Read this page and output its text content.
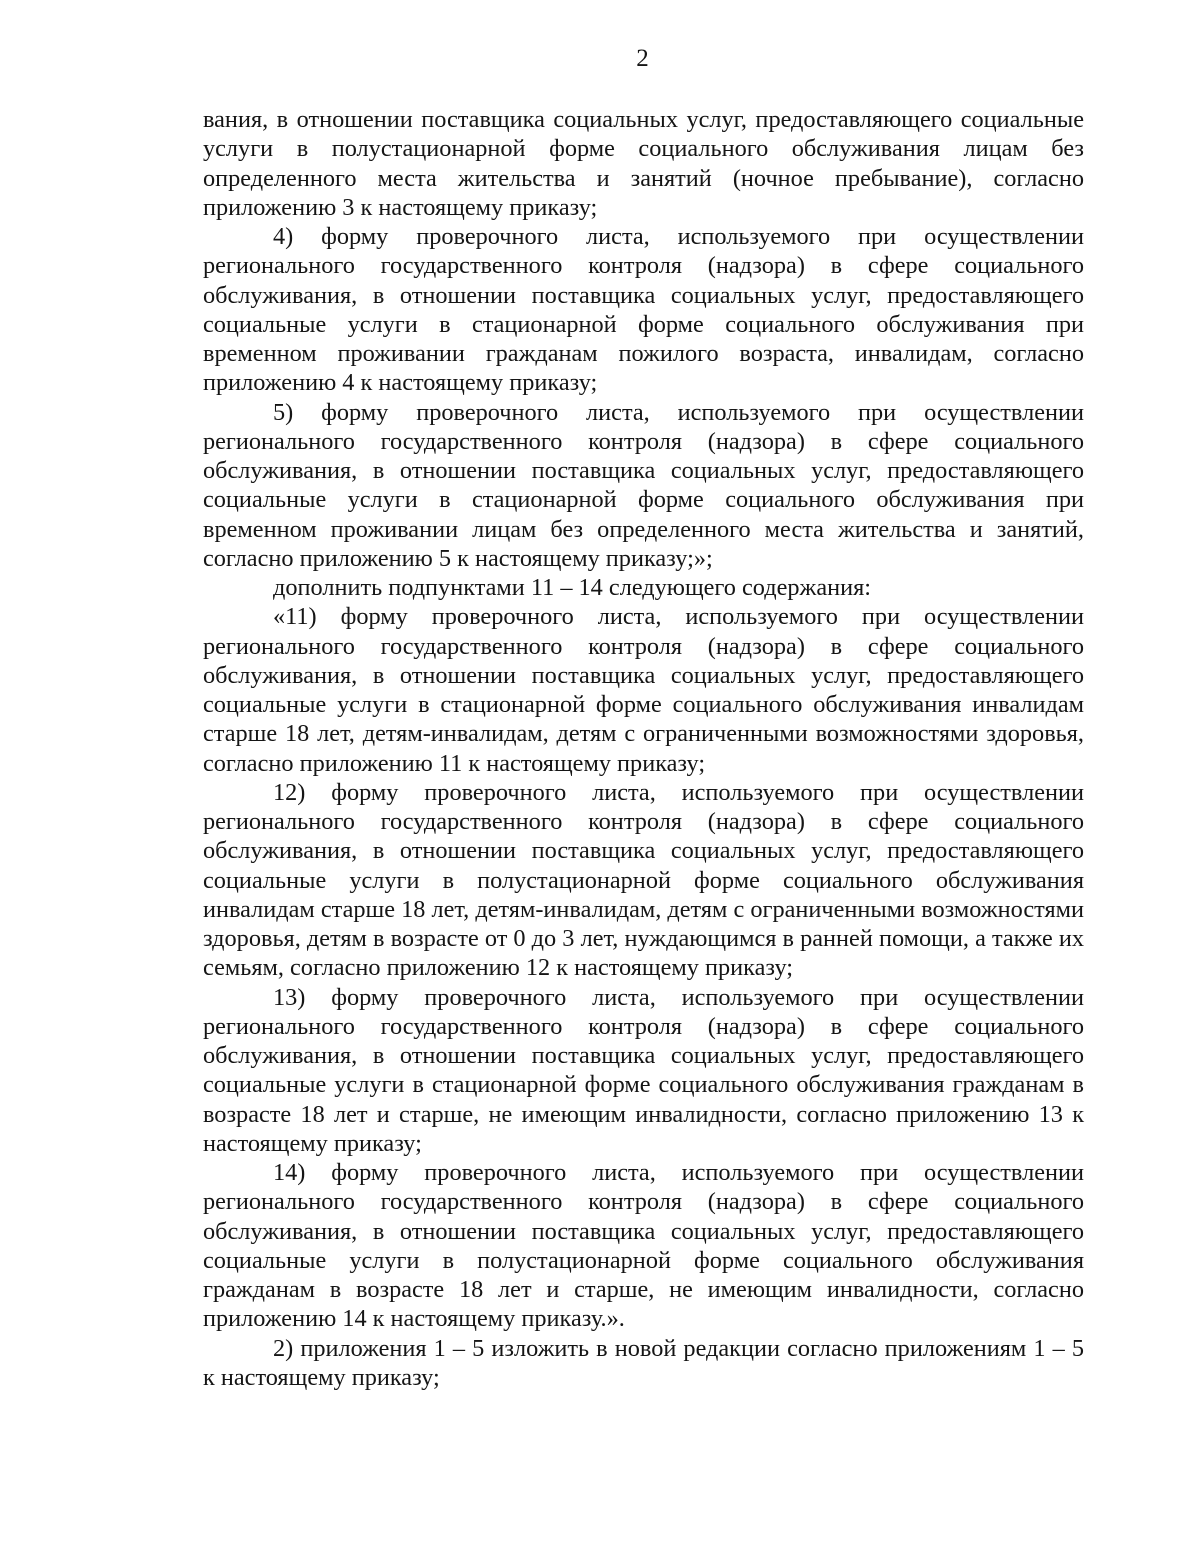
2

вания, в отношении поставщика социальных услуг, предоставляющего социальные услуги в полустационарной форме социального обслуживания лицам без определенного места жительства и занятий (ночное пребывание), согласно приложению 3 к настоящему приказу;

4) форму проверочного листа, используемого при осуществлении регионального государственного контроля (надзора) в сфере социального обслуживания, в отношении поставщика социальных услуг, предоставляющего социальные услуги в стационарной форме социального обслуживания при временном проживании гражданам пожилого возраста, инвалидам, согласно приложению 4 к настоящему приказу;

5) форму проверочного листа, используемого при осуществлении регионального государственного контроля (надзора) в сфере социального обслуживания, в отношении поставщика социальных услуг, предоставляющего социальные услуги в стационарной форме социального обслуживания при временном проживании лицам без определенного места жительства и занятий, согласно приложению 5 к настоящему приказу;»;

дополнить подпунктами 11 – 14 следующего содержания:

«11) форму проверочного листа, используемого при осуществлении регионального государственного контроля (надзора) в сфере социального обслуживания, в отношении поставщика социальных услуг, предоставляющего социальные услуги в стационарной форме социального обслуживания инвалидам старше 18 лет, детям-инвалидам, детям с ограниченными возможностями здоровья, согласно приложению 11 к настоящему приказу;

12) форму проверочного листа, используемого при осуществлении регионального государственного контроля (надзора) в сфере социального обслуживания, в отношении поставщика социальных услуг, предоставляющего социальные услуги в полустационарной форме социального обслуживания инвалидам старше 18 лет, детям-инвалидам, детям с ограниченными возможностями здоровья, детям в возрасте от 0 до 3 лет, нуждающимся в ранней помощи, а также их семьям, согласно приложению 12 к настоящему приказу;

13) форму проверочного листа, используемого при осуществлении регионального государственного контроля (надзора) в сфере социального обслуживания, в отношении поставщика социальных услуг, предоставляющего социальные услуги в стационарной форме социального обслуживания гражданам в возрасте 18 лет и старше, не имеющим инвалидности, согласно приложению 13 к настоящему приказу;

14) форму проверочного листа, используемого при осуществлении регионального государственного контроля (надзора) в сфере социального обслуживания, в отношении поставщика социальных услуг, предоставляющего социальные услуги в полустационарной форме социального обслуживания гражданам в возрасте 18 лет и старше, не имеющим инвалидности, согласно приложению 14 к настоящему приказу.».

2) приложения 1 – 5 изложить в новой редакции согласно приложениям 1 – 5 к настоящему приказу;
